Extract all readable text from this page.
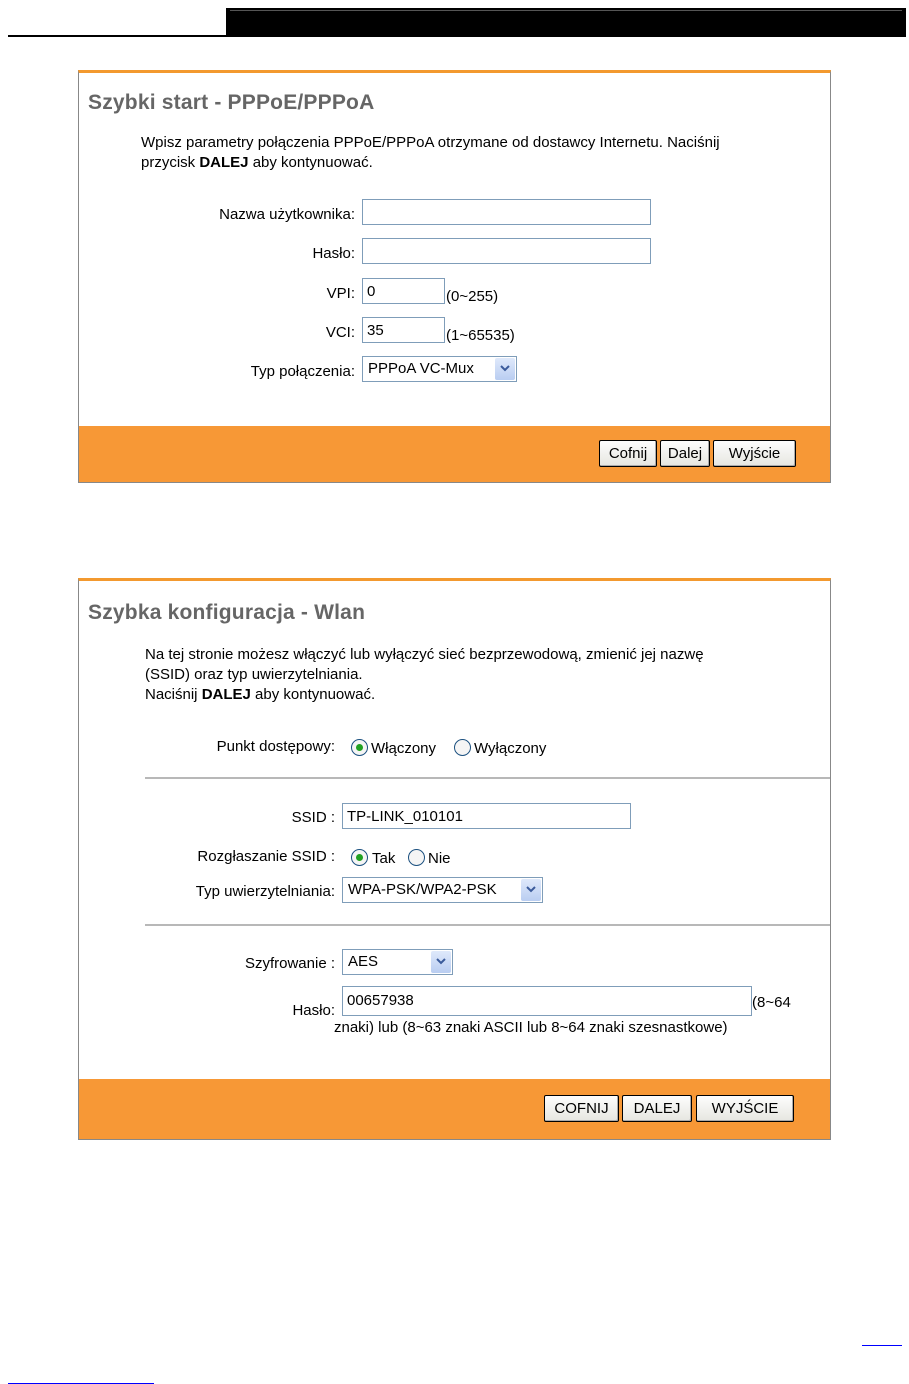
Szybki start - PPPoE/PPPoA
Wpisz parametry połączenia PPPoE/PPPoA otrzymane od dostawcy Internetu. Naciśnij
przycisk DALEJ aby kontynuować.
Nazwa użytkownika:
Hasło:
VPI:
0	(0~255)
VCI:
35	(1~65535)
Typ połączenia: PPPoA VC-Mux
Cofnij	Dalej	Wyjście
Szybka konfiguracja - Wlan
Na tej stronie możesz włączyć lub wyłączyć sieć bezprzewodową, zmienić jej nazwę
(SSID) oraz typ uwierzytelniania.
Naciśnij DALEJ aby kontynuować.
Punkt dostępowy: Włączony	Wyłączony
SSID :
TP-LINK_010101
Rozgłaszanie SSID : Tak Nie
Typ uwierzytelniania: WPA-PSK/WPA2-PSK
Szyfrowanie : AES
Hasło:
00657938	(8~64
znaki) lub (8~63 znaki ASCII lub 8~64 znaki szesnastkowe)
COFNIJ	DALEJ	WYJŚCIE
